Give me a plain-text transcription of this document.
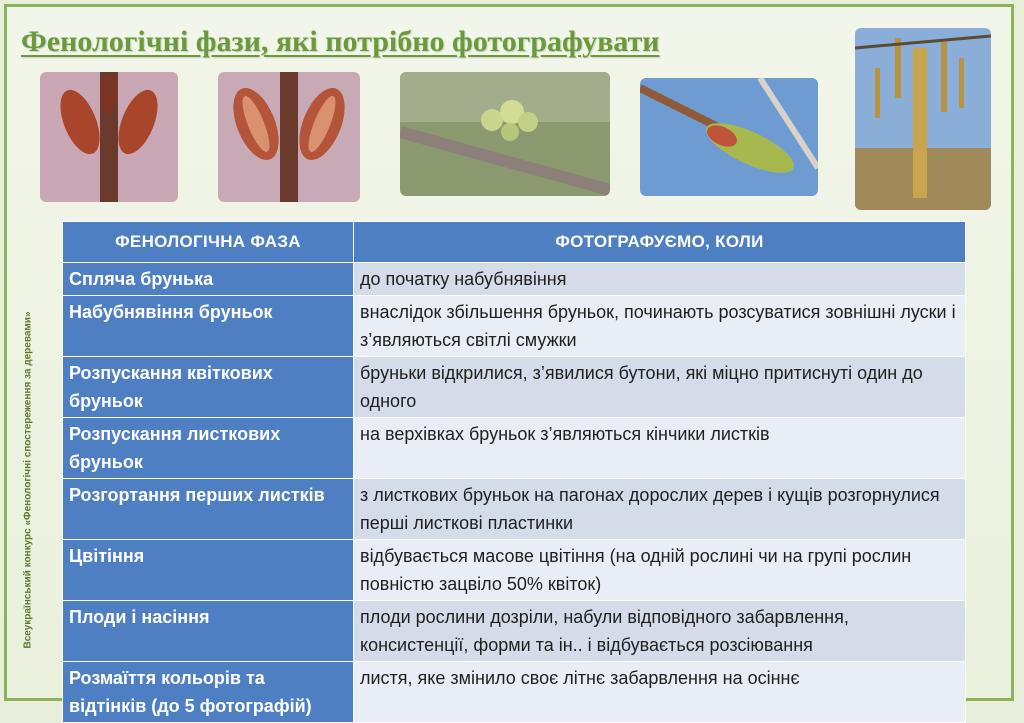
Фенологічні фази, які потрібно фотографувати
Всеукраїнський конкурс «Фенологічні спостереження за деревами»
ФЕНОЛОГІЧНА ФАЗА	ФОТОГРАФУЄМО, КОЛИ
Спляча брунька	до початку набубнявіння
Набубнявіння бруньок	внаслідок збільшення бруньок, починають розсуватися зовнішні луски і з’являються світлі смужки
Розпускання квіткових бруньок	бруньки відкрилися, з’явилися бутони, які міцно притиснуті один до одного
Розпускання листкових бруньок	на верхівках бруньок з’являються кінчики листків
Розгортання перших листків	з листкових бруньок на пагонах дорослих дерев і кущів розгорнулися перші листкові пластинки
Цвітіння	відбувається масове цвітіння (на одній рослині чи на групі рослин повністю зацвіло 50% квіток)
Плоди і насіння	плоди рослини дозріли, набули відповідного забарвлення, консистенції, форми та ін.. і відбувається розсіювання
Розмаїття кольорів та відтінків (до 5 фотографій)	листя, яке змінило своє літнє забарвлення на осіннє
